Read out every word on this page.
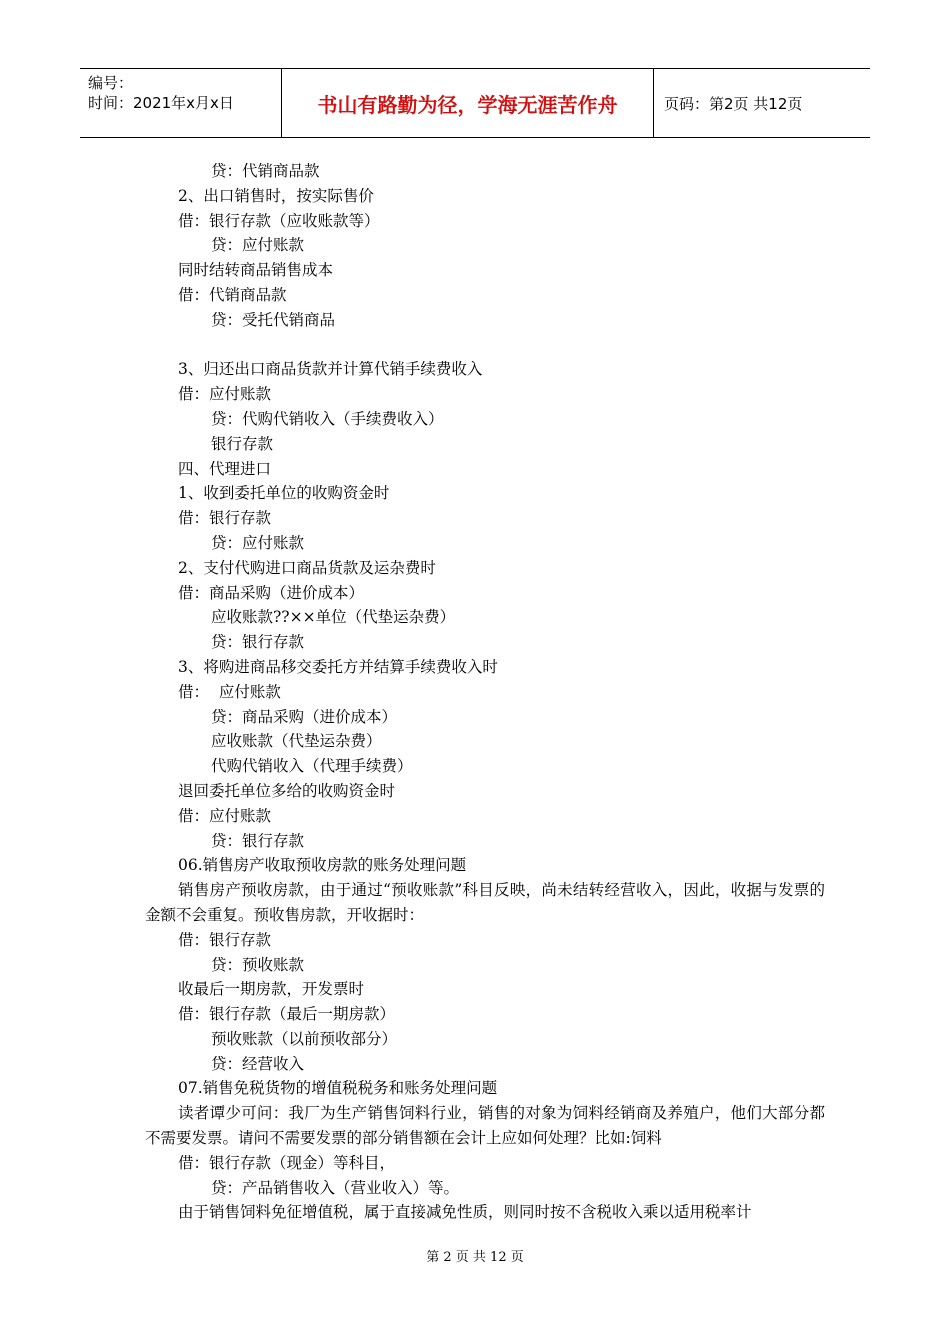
编号：
时间：2021年x月x日	书山有路勤为径，学海无涯苦作舟	页码：第2页 共12页
贷：代销商品款
2、出口销售时，按实际售价
借：银行存款（应收账款等）
贷：应付账款
同时结转商品销售成本
借：代销商品款
贷：受托代销商品
3、归还出口商品货款并计算代销手续费收入
借：应付账款
贷：代购代销收入（手续费收入）
银行存款
四、代理进口
1、收到委托单位的收购资金时
借：银行存款
贷：应付账款
2、支付代购进口商品货款及运杂费时
借：商品采购（进价成本）
应收账款??××单位（代垫运杂费）
贷：银行存款
3、将购进商品移交委托方并结算手续费收入时
借：  应付账款
贷：商品采购（进价成本）
应收账款（代垫运杂费）
代购代销收入（代理手续费）
退回委托单位多给的收购资金时
借：应付账款
贷：银行存款
06.销售房产收取预收房款的账务处理问题
销售房产预收房款，由于通过“预收账款”科目反映，尚未结转经营收入，因此，收据与发票的金额不会重复。预收售房款，开收据时：
借：银行存款
贷：预收账款
收最后一期房款，开发票时
借：银行存款（最后一期房款）
预收账款（以前预收部分）
贷：经营收入
07.销售免税货物的增值税税务和账务处理问题
读者谭少可问：我厂为生产销售饲料行业，销售的对象为饲料经销商及养殖户，他们大部分都不需要发票。请问不需要发票的部分销售额在会计上应如何处理？比如:饲料
借：银行存款（现金）等科目，
贷：产品销售收入（营业收入）等。
由于销售饲料免征增值税，属于直接减免性质，则同时按不含税收入乘以适用税率计
第 2 页 共 12 页
